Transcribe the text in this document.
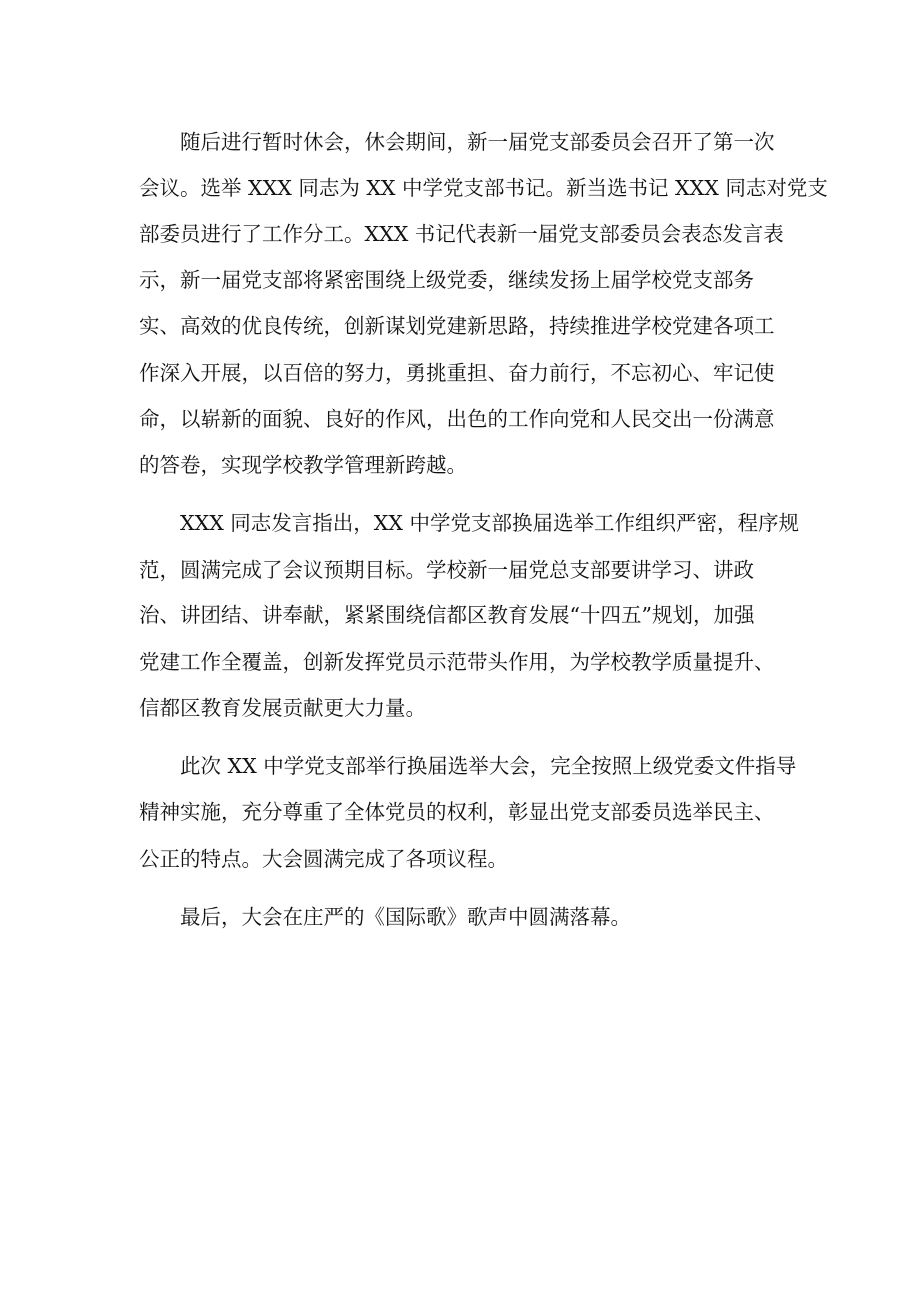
随后进行暂时休会，休会期间，新一届党支部委员会召开了第一次
会议。选举 XXX 同志为 XX 中学党支部书记。新当选书记 XXX 同志对党支
部委员进行了工作分工。XXX 书记代表新一届党支部委员会表态发言表
示，新一届党支部将紧密围绕上级党委，继续发扬上届学校党支部务
实、高效的优良传统，创新谋划党建新思路，持续推进学校党建各项工
作深入开展，以百倍的努力，勇挑重担、奋力前行，不忘初心、牢记使
命，以崭新的面貌、良好的作风，出色的工作向党和人民交出一份满意
的答卷，实现学校教学管理新跨越。
XXX 同志发言指出，XX 中学党支部换届选举工作组织严密，程序规
范，圆满完成了会议预期目标。学校新一届党总支部要讲学习、讲政
治、讲团结、讲奉献，紧紧围绕信都区教育发展“十四五”规划，加强
党建工作全覆盖，创新发挥党员示范带头作用，为学校教学质量提升、
信都区教育发展贡献更大力量。
此次 XX 中学党支部举行换届选举大会，完全按照上级党委文件指导
精神实施，充分尊重了全体党员的权利，彰显出党支部委员选举民主、
公正的特点。大会圆满完成了各项议程。
最后，大会在庄严的《国际歌》歌声中圆满落幕。
